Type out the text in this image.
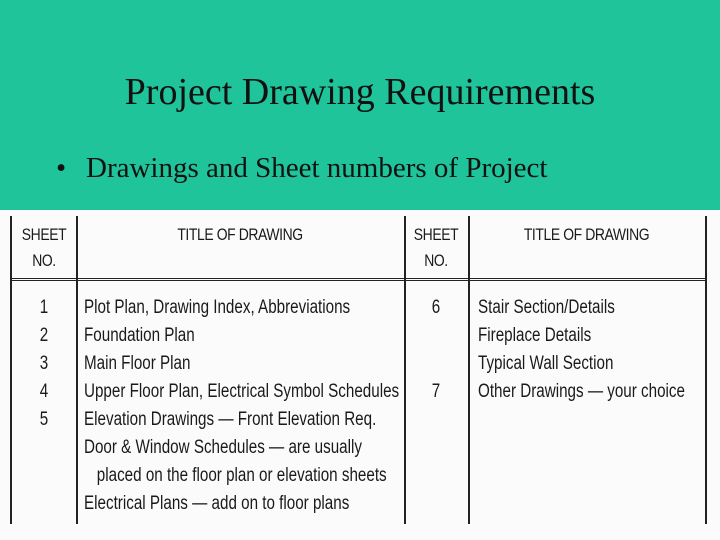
Project Drawing Requirements
• Drawings and Sheet numbers of Project
SHEET
NO.
TITLE OF DRAWING	SHEET
NO.
TITLE OF DRAWING
1
2
3
4
5
Plot Plan, Drawing Index, Abbreviations
Foundation Plan
Main Floor Plan
Upper Floor Plan, Electrical Symbol Schedules
Elevation Drawings — Front Elevation Req.
Door & Window Schedules — are usually
placed on the floor plan or elevation sheets
Electrical Plans — add on to floor plans
6

7
Stair Section/Details
Fireplace Details
Typical Wall Section
Other Drawings — your choice
